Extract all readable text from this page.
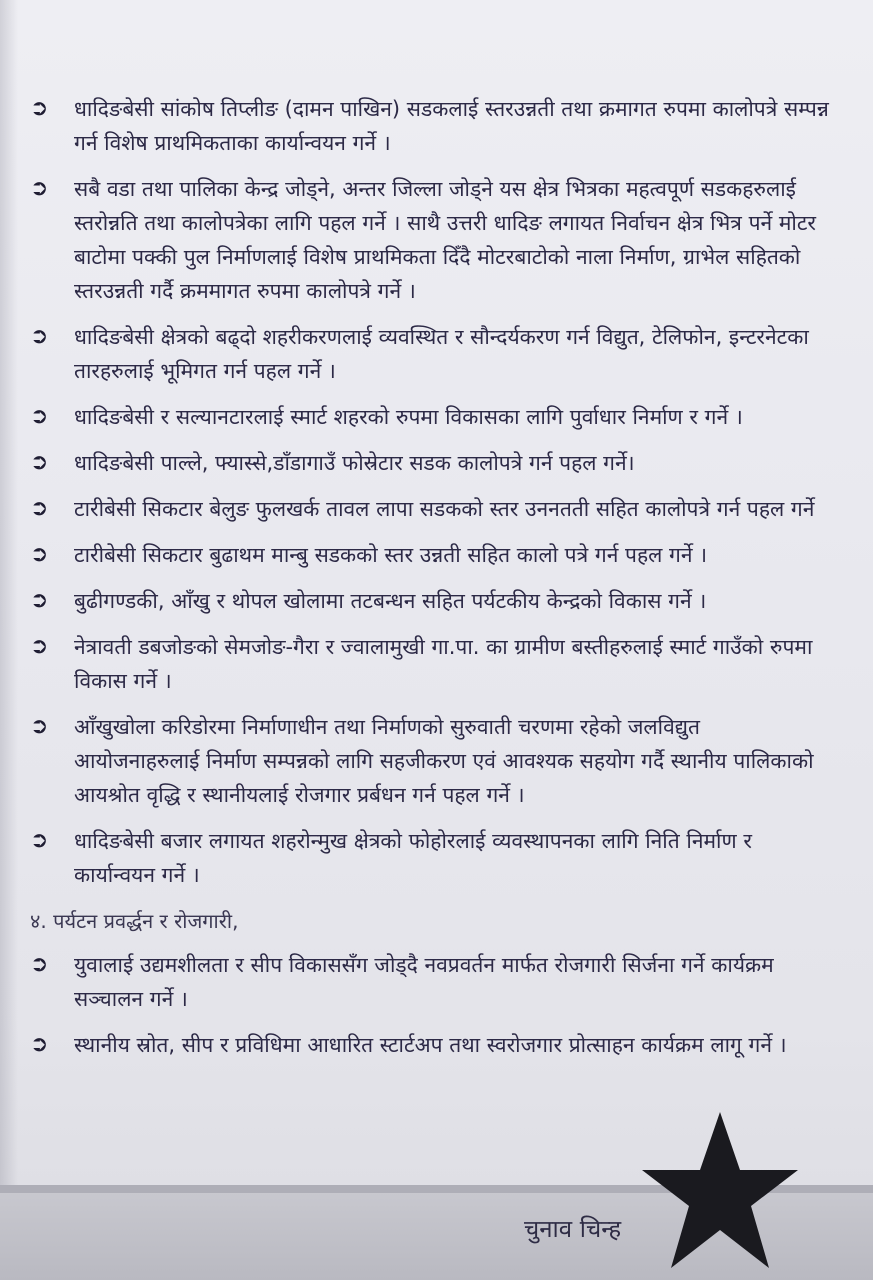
➲	धादिङबेसी सांकोष तिप्लीङ (दामन पाखिन) सडकलाई स्तरउन्नती तथा क्रमागत रुपमा कालोपत्रे सम्पन्न गर्न विशेष प्राथमिकताका कार्यान्वयन गर्ने ।
➲	सबै वडा तथा पालिका केन्द्र जोड्ने, अन्तर जिल्ला जोड्ने यस क्षेत्र भित्रका महत्वपूर्ण सडकहरुलाई स्तरोन्नति तथा कालोपत्रेका लागि पहल गर्ने । साथै उत्तरी धादिङ लगायत निर्वाचन क्षेत्र भित्र पर्ने मोटर बाटोमा पक्की पुल निर्माणलाई विशेष प्राथमिकता दिँदै मोटरबाटोको नाला निर्माण, ग्राभेल सहितको स्तरउन्नती गर्दै क्रममागत रुपमा कालोपत्रे गर्ने ।
➲	धादिङबेसी क्षेत्रको बढ्दो शहरीकरणलाई व्यवस्थित र सौन्दर्यकरण गर्न विद्युत, टेलिफोन, इन्टरनेटका तारहरुलाई भूमिगत गर्न पहल गर्ने ।
➲	धादिङबेसी र सल्यानटारलाई स्मार्ट शहरको रुपमा विकासका लागि पुर्वाधार निर्माण र गर्ने ।
➲	धादिङबेसी पाल्ले, फ्यास्से,डाँडागाउँ फोस्रेटार सडक कालोपत्रे गर्न पहल गर्ने।
➲	टारीबेसी सिकटार बेलुङ फुलखर्क तावल लापा सडकको स्तर उननतती सहित कालोपत्रे गर्न पहल गर्ने
➲	टारीबेसी सिकटार बुढाथम मान्बु सडकको स्तर उन्नती सहित कालो पत्रे गर्न पहल गर्ने ।
➲	बुढीगण्डकी, आँखु र थोपल खोलामा तटबन्धन सहित पर्यटकीय केन्द्रको विकास गर्ने ।
➲	नेत्रावती डबजोङको सेमजोङ-गैरा र ज्वालामुखी गा.पा. का ग्रामीण बस्तीहरुलाई स्मार्ट गाउँको रुपमा विकास गर्ने ।
➲	आँखुखोला करिडोरमा निर्माणाधीन तथा निर्माणको सुरुवाती चरणमा रहेको जलविद्युत आयोजनाहरुलाई निर्माण सम्पन्नको लागि सहजीकरण एवं आवश्यक सहयोग गर्दै स्थानीय पालिकाको आयश्रोत वृद्धि र स्थानीयलाई रोजगार प्रर्बधन गर्न पहल गर्ने ।
➲	धादिङबेसी बजार लगायत शहरोन्मुख क्षेत्रको फोहोरलाई व्यवस्थापनका लागि निति निर्माण र कार्यान्वयन गर्ने ।
४. पर्यटन प्रवर्द्धन र रोजगारी,
➲	युवालाई उद्यमशीलता र सीप विकाससँग जोड्दै नवप्रवर्तन मार्फत रोजगारी सिर्जना गर्ने कार्यक्रम सञ्चालन गर्ने ।
➲	स्थानीय स्रोत, सीप र प्रविधिमा आधारित स्टार्टअप तथा स्वरोजगार प्रोत्साहन कार्यक्रम लागू गर्ने ।
चुनाव चिन्ह
